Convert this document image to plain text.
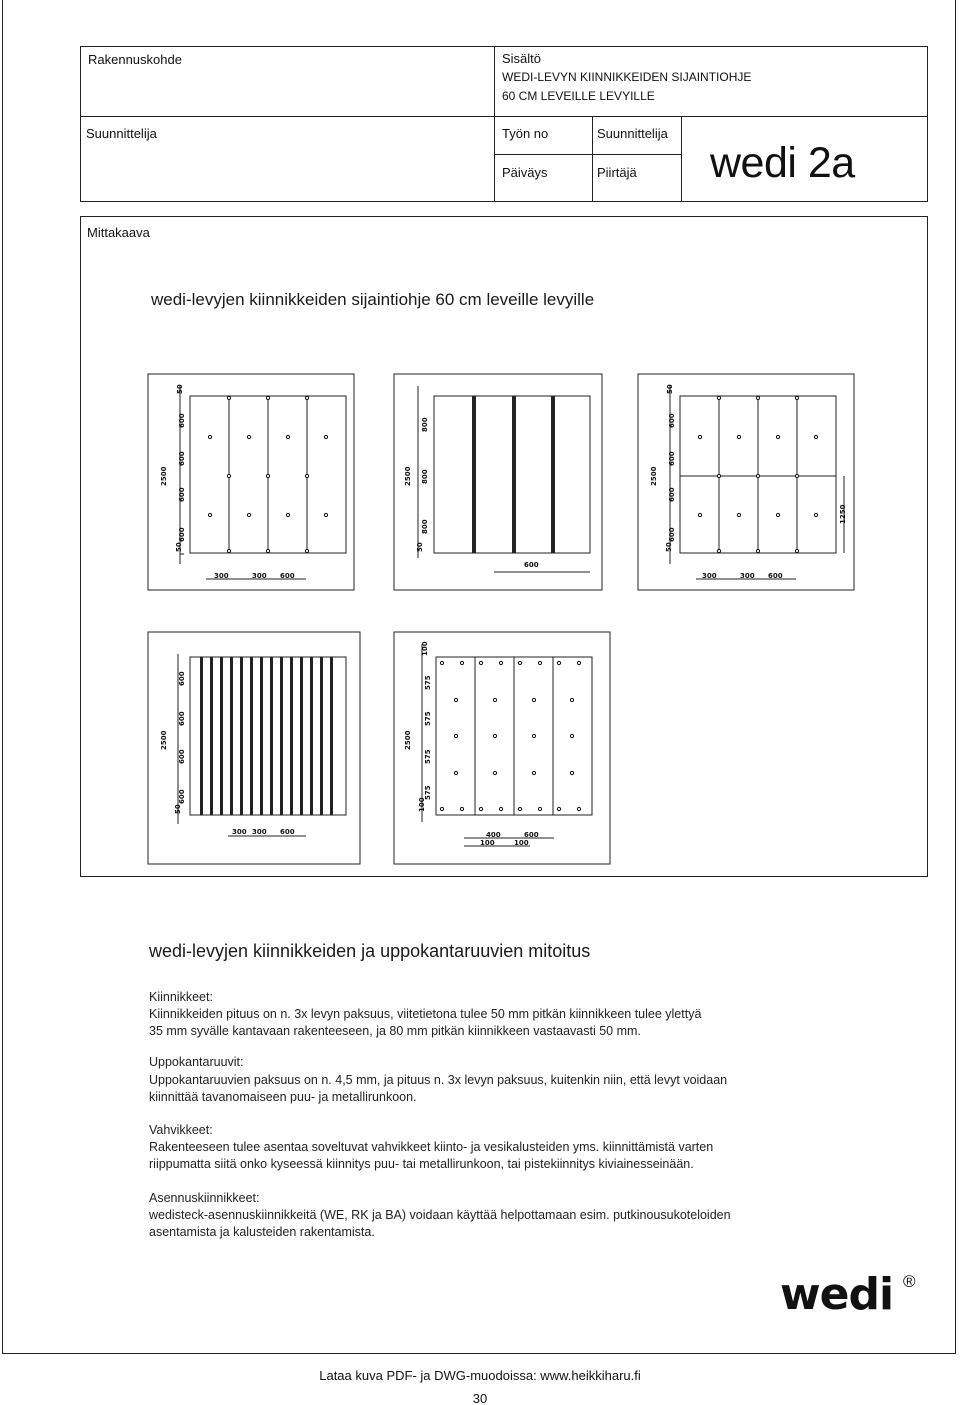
Rakennuskohde	Sisältö
WEDI-LEVYN KIINNIKKEIDEN SIJAINTIOHJE
60 CM LEVEILLE LEVYILLE
Suunnittelija	Työn no	Suunnittelija
Päiväys	Piirtäjä wedi 2a
Mittakaava
wedi-levyjen kiinnikkeiden sijaintiohje 60 cm leveille levyille
300	300 600
2500
50
600
600
600
600
50
600
2500
800
800
800
50
300	300 600
2500
50
600
600
600
600
50
1250
300 300 600
2500
600
600
600
600
50
400	600
100	100
2500
100
575
575
575
575
100
wedi-levyjen kiinnikkeiden ja uppokantaruuvien mitoitus
Kiinnikkeet:
Kiinnikkeiden pituus on n. 3x levyn paksuus, viitetietona tulee 50 mm pitkän kiinnikkeen tulee ylettyä
35 mm syvälle kantavaan rakenteeseen, ja 80 mm pitkän kiinnikkeen vastaavasti 50 mm.
Uppokantaruuvit:
Uppokantaruuvien paksuus on n. 4,5 mm, ja pituus n. 3x levyn paksuus, kuitenkin niin, että levyt voidaan
kiinnittää tavanomaiseen puu- ja metallirunkoon.
Vahvikkeet:
Rakenteeseen tulee asentaa soveltuvat vahvikkeet kiinto- ja vesikalusteiden yms. kiinnittämistä varten
riippumatta siitä onko kyseessä kiinnitys puu- tai metallirunkoon, tai pistekiinnitys kiviainesseinään.
Asennuskiinnikkeet:
wedisteck-asennuskiinnikkeitä (WE, RK ja BA) voidaan käyttää helpottamaan esim. putkinousukoteloiden
asentamista ja kalusteiden rakentamista.
wedi ®
Lataa kuva PDF- ja DWG-muodoissa: www.heikkiharu.fi
30
